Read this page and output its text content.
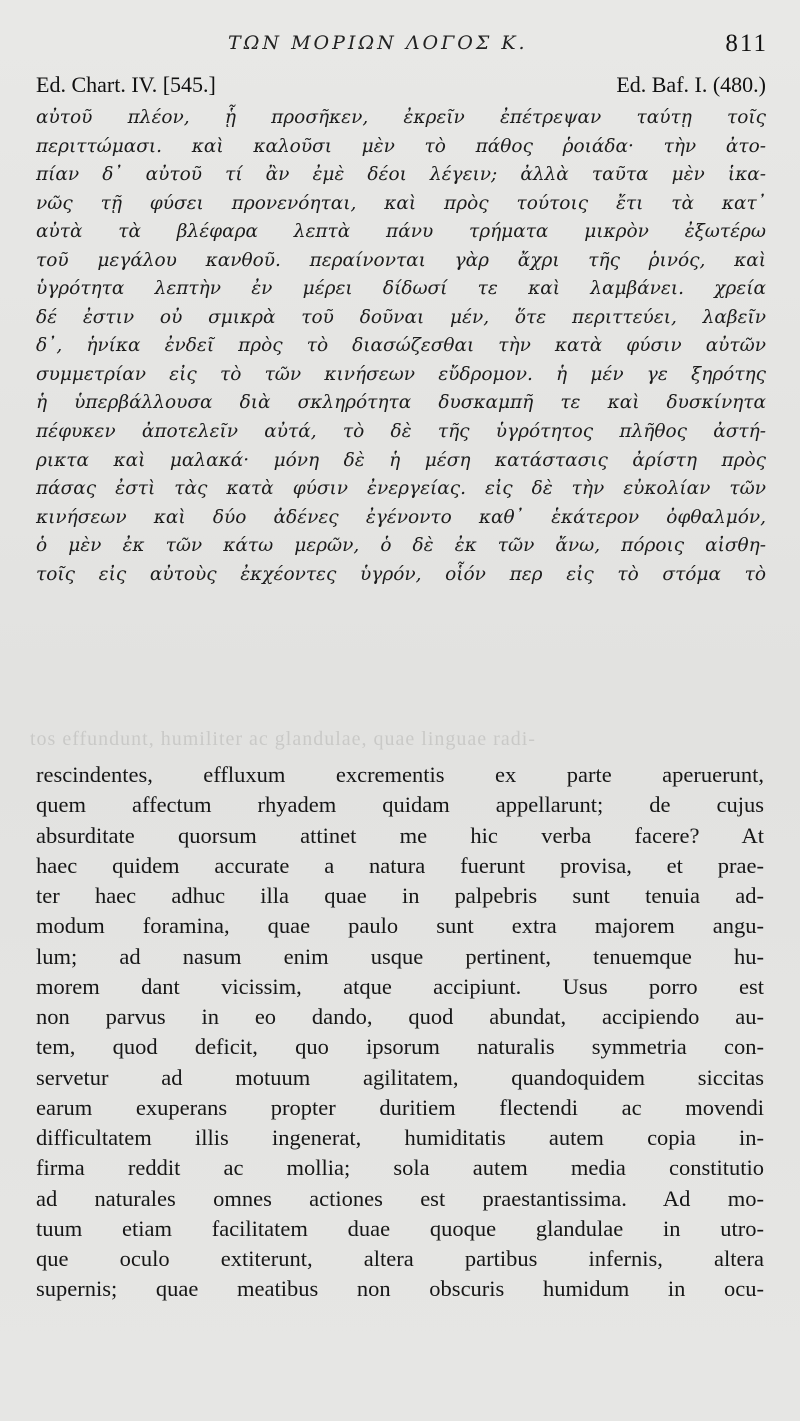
ΤΩΝ ΜΟΡΙΩΝ ΛΟΓΟΣ Κ.	811
Ed. Chart. IV. [545.]	Ed. Baf. I. (480.)
αὐτοῦ πλέον, ᾗ προσῆκεν, ἐκρεῖν ἐπέτρεψαν ταύτῃ τοῖς
περιττώμασι. καὶ καλοῦσι μὲν τὸ πάθος ῥοιάδα· τὴν ἀτο-
πίαν δ᾽ αὐτοῦ τί ἂν ἐμὲ δέοι λέγειν; ἀλλὰ ταῦτα μὲν ἱκα-
νῶς τῇ φύσει προνενόηται, καὶ πρὸς τούτοις ἔτι τὰ κατ᾽
αὐτὰ τὰ βλέφαρα λεπτὰ πάνυ τρήματα μικρὸν ἐξωτέρω
τοῦ μεγάλου κανθοῦ. περαίνονται γὰρ ἄχρι τῆς ῥινός, καὶ
ὑγρότητα λεπτὴν ἐν μέρει δίδωσί τε καὶ λαμβάνει. χρεία
δέ ἐστιν οὐ σμικρὰ τοῦ δοῦναι μέν, ὅτε περιττεύει, λαβεῖν
δ᾽, ἡνίκα ἐνδεῖ πρὸς τὸ διασώζεσθαι τὴν κατὰ φύσιν αὐτῶν
συμμετρίαν εἰς τὸ τῶν κινήσεων εὔδρομον. ἡ μέν γε ξηρότης
ἡ ὑπερβάλλουσα διὰ σκληρότητα δυσκαμπῆ τε καὶ δυσκίνητα
πέφυκεν ἀποτελεῖν αὐτά, τὸ δὲ τῆς ὑγρότητος πλῆθος ἀστή-
ρικτα καὶ μαλακά· μόνη δὲ ἡ μέση κατάστασις ἀρίστη πρὸς
πάσας ἐστὶ τὰς κατὰ φύσιν ἐνεργείας. εἰς δὲ τὴν εὐκολίαν τῶν
κινήσεων καὶ δύο ἀδένες ἐγένοντο καθ᾽ ἑκάτερον ὀφθαλμόν,
ὁ μὲν ἐκ τῶν κάτω μερῶν, ὁ δὲ ἐκ τῶν ἄνω, πόροις αἰσθη-
τοῖς εἰς αὐτοὺς ἐκχέοντες ὑγρόν, οἷόν περ εἰς τὸ στόμα τὸ
tos effundunt, humiliter ac glandulae, quae linguae radi-
rescindentes, effluxum excrementis ex parte aperuerunt,
quem affectum rhyadem quidam appellarunt; de cujus
absurditate quorsum attinet me hic verba facere? At
haec quidem accurate a natura fuerunt provisa, et prae-
ter haec adhuc illa quae in palpebris sunt tenuia ad-
modum foramina, quae paulo sunt extra majorem angu-
lum; ad nasum enim usque pertinent, tenuemque hu-
morem dant vicissim, atque accipiunt. Usus porro est
non parvus in eo dando, quod abundat, accipiendo au-
tem, quod deficit, quo ipsorum naturalis symmetria con-
servetur ad motuum agilitatem, quandoquidem siccitas
earum exuperans propter duritiem flectendi ac movendi
difficultatem illis ingenerat, humiditatis autem copia in-
firma reddit ac mollia; sola autem media constitutio
ad naturales omnes actiones est praestantissima. Ad mo-
tuum etiam facilitatem duae quoque glandulae in utro-
que oculo extiterunt, altera partibus infernis, altera
supernis; quae meatibus non obscuris humidum in ocu-
